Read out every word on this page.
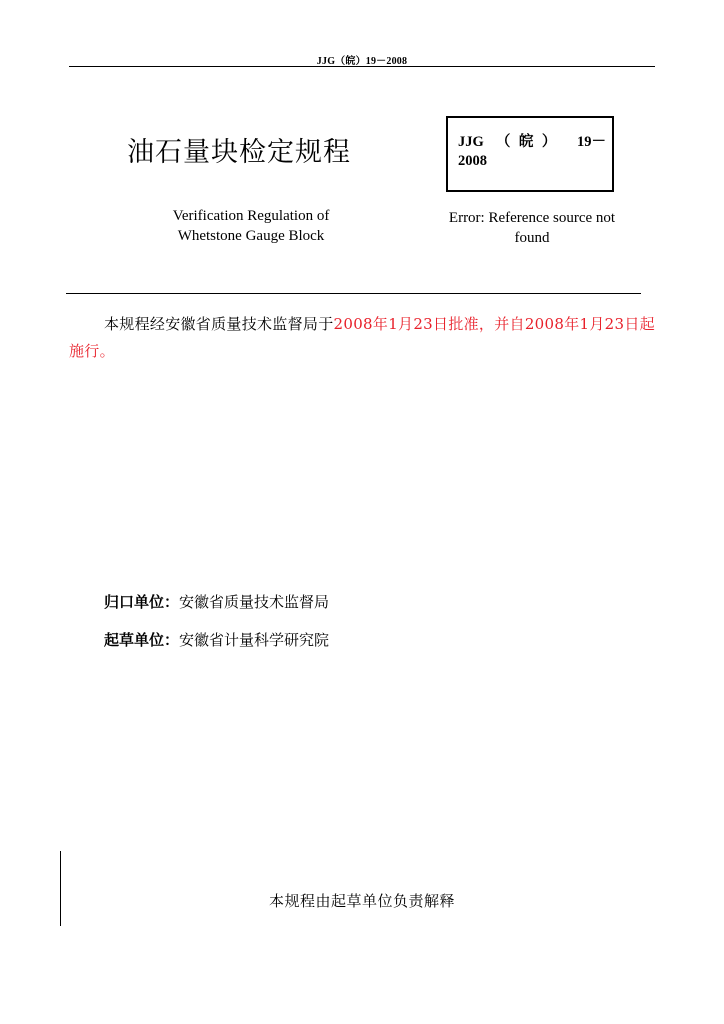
JJG（皖）19－2008
油石量块检定规程	JJG （皖） 19－

2008
Verification Regulation of
Whetstone Gauge Block
Error: Reference source not
found
本规程经安徽省质量技术监督局于2008年1月23日批准，并自2008年1月23日起施行。
归口单位：安徽省质量技术监督局
起草单位：安徽省计量科学研究院
本规程由起草单位负责解释
